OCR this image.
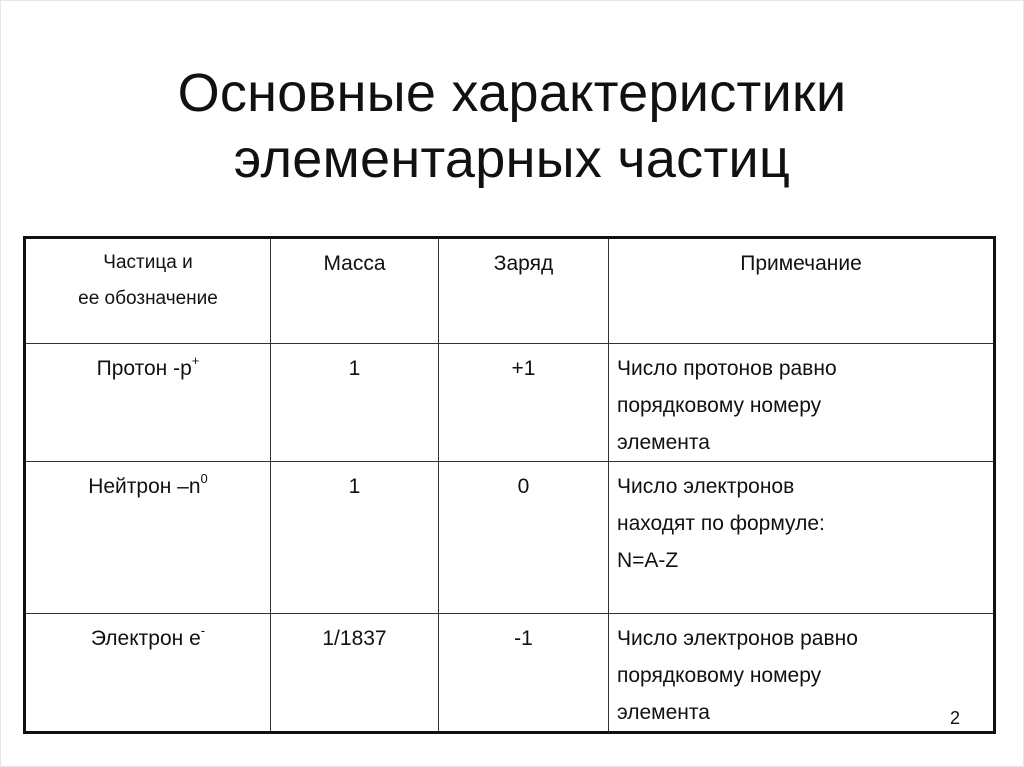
Основные характеристики
элементарных частиц
Частица и
ее обозначение	Масса	Заряд	Примечание
Протон -р+	1	+1	Число протонов равно
порядковому номеру
элемента

Нейтрон $-n^0$	1	0	Число электронов
находят по формуле:
N=A-Z

Электрон е-	1/1837	-1	Число электронов равно
порядковому номеру
элемента	2
